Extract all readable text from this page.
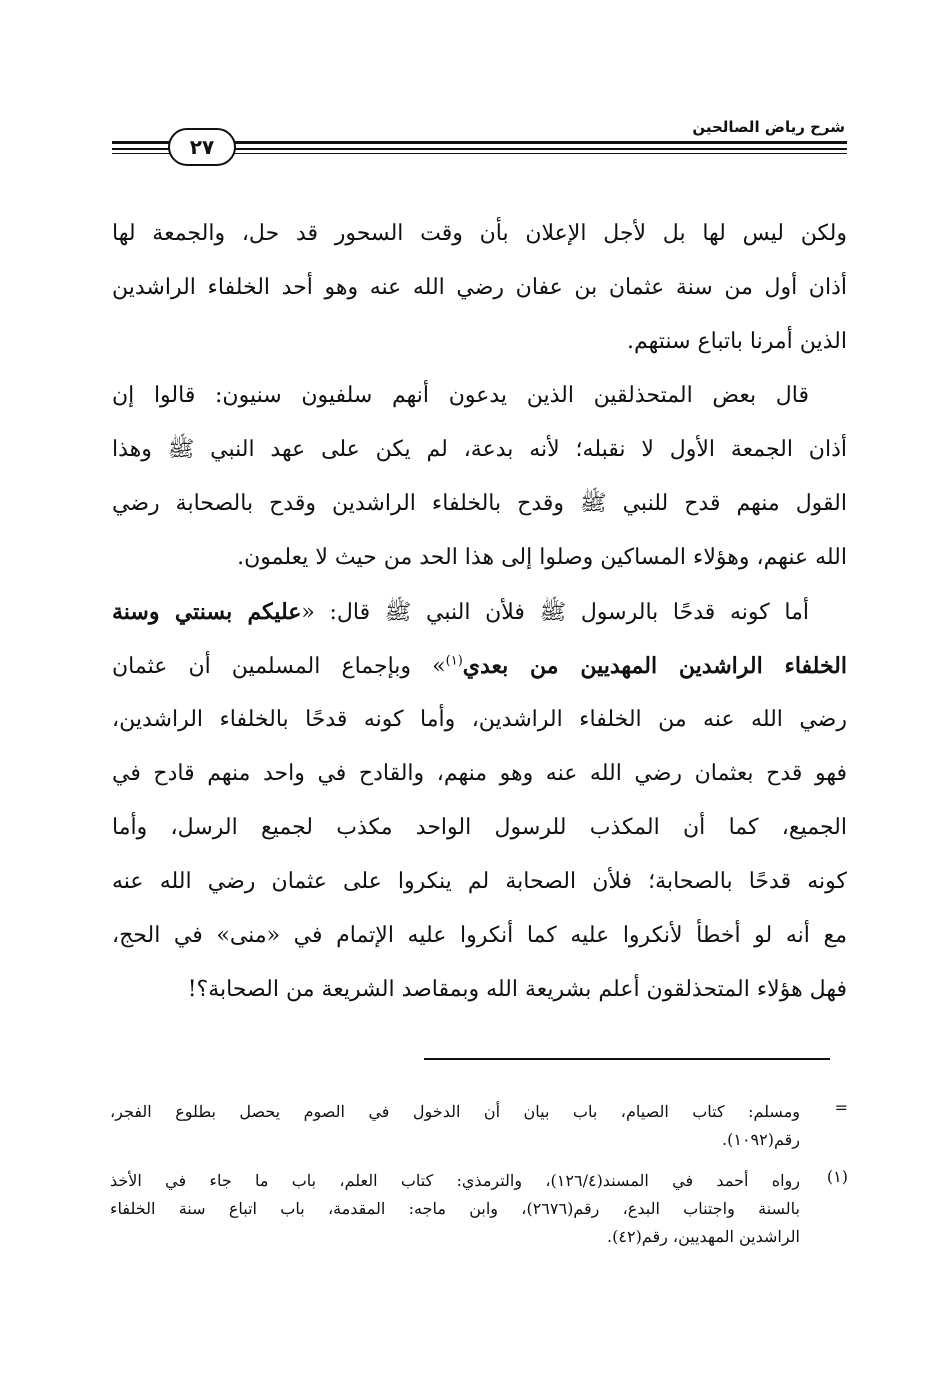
شرح رياض الصالحين
٢٧
ولكن ليس لها بل لأجل الإعلان بأن وقت السحور قد حل، والجمعة لها
أذان أول من سنة عثمان بن عفان رضي الله عنه وهو أحد الخلفاء الراشدين
الذين أمرنا باتباع سنتهم.
قال بعض المتحذلقين الذين يدعون أنهم سلفيون سنيون: قالوا إن
أذان الجمعة الأول لا نقبله؛ لأنه بدعة، لم يكن على عهد النبي ﷺ وهذا
القول منهم قدح للنبي ﷺ وقدح بالخلفاء الراشدين وقدح بالصحابة رضي
الله عنهم، وهؤلاء المساكين وصلوا إلى هذا الحد من حيث لا يعلمون.
أما كونه قدحًا بالرسول ﷺ فلأن النبي ﷺ قال: «عليكم بسنتي وسنة
الخلفاء الراشدين المهديين من بعدي$^{(١)}$» وبإجماع المسلمين أن عثمان
رضي الله عنه من الخلفاء الراشدين، وأما كونه قدحًا بالخلفاء الراشدين،
فهو قدح بعثمان رضي الله عنه وهو منهم، والقادح في واحد منهم قادح في
الجميع، كما أن المكذب للرسول الواحد مكذب لجميع الرسل، وأما
كونه قدحًا بالصحابة؛ فلأن الصحابة لم ينكروا على عثمان رضي الله عنه
مع أنه لو أخطأ لأنكروا عليه كما أنكروا عليه الإتمام في «منى» في الحج،
فهل هؤلاء المتحذلقون أعلم بشريعة الله وبمقاصد الشريعة من الصحابة؟!
=
ومسلم: كتاب الصيام، باب بيان أن الدخول في الصوم يحصل بطلوع الفجر،
رقم(١٠٩٢).
(١)
رواه أحمد في المسند(١٢٦/٤)، والترمذي: كتاب العلم، باب ما جاء في الأخذ
بالسنة واجتناب البدع، رقم(٢٦٧٦)، وابن ماجه: المقدمة، باب اتباع سنة الخلفاء
الراشدين المهديين، رقم(٤٢).
